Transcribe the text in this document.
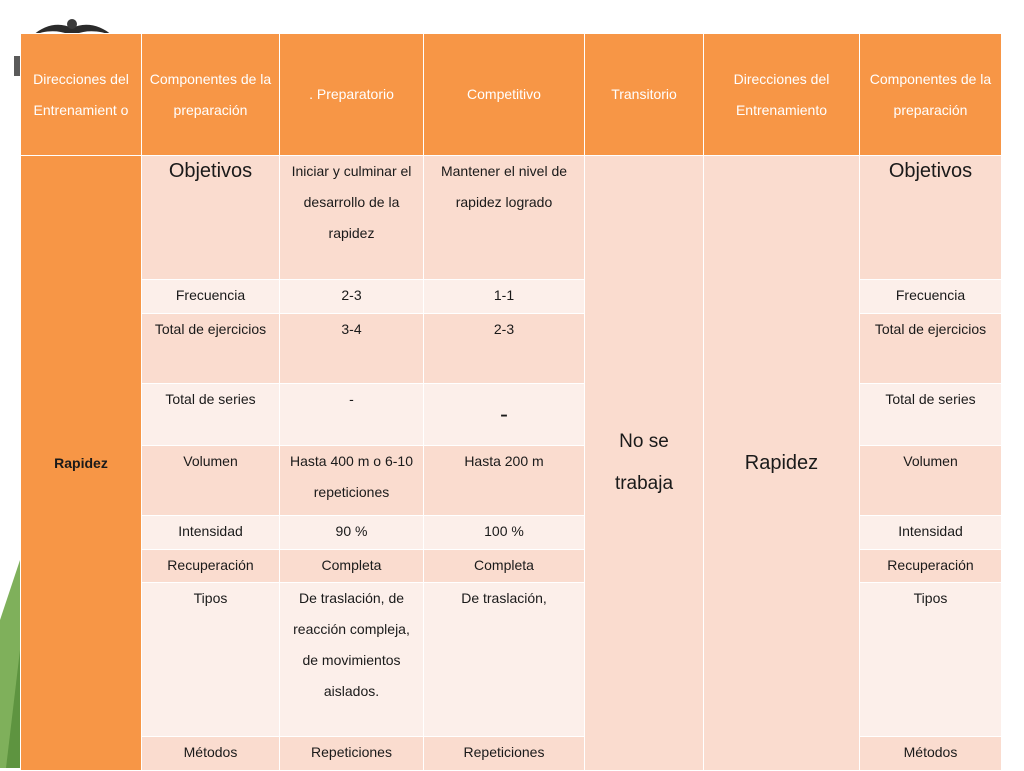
Direcciones del Entrenamient o	Componentes de la preparación	. Preparatorio	Competitivo	Transitorio	Direcciones del Entrenamiento	Componentes de la preparación
Rapidez	Objetivos	Iniciar y culminar el desarrollo de la rapidez	Mantener el nivel de rapidez logrado	No se trabaja	Rapidez	Objetivos
	Frecuencia	2-3	1-1			Frecuencia
	Total de ejercicios	3-4	2-3			Total de ejercicios
	Total de series	-	-			Total de series
	Volumen	Hasta 400 m o 6-10 repeticiones	Hasta 200 m			Volumen
	Intensidad	90 %	100 %			Intensidad
	Recuperación	Completa	Completa			Recuperación
	Tipos	De traslación, de reacción compleja, de movimientos aislados.	De traslación,			Tipos
	Métodos	Repeticiones	Repeticiones			Métodos
